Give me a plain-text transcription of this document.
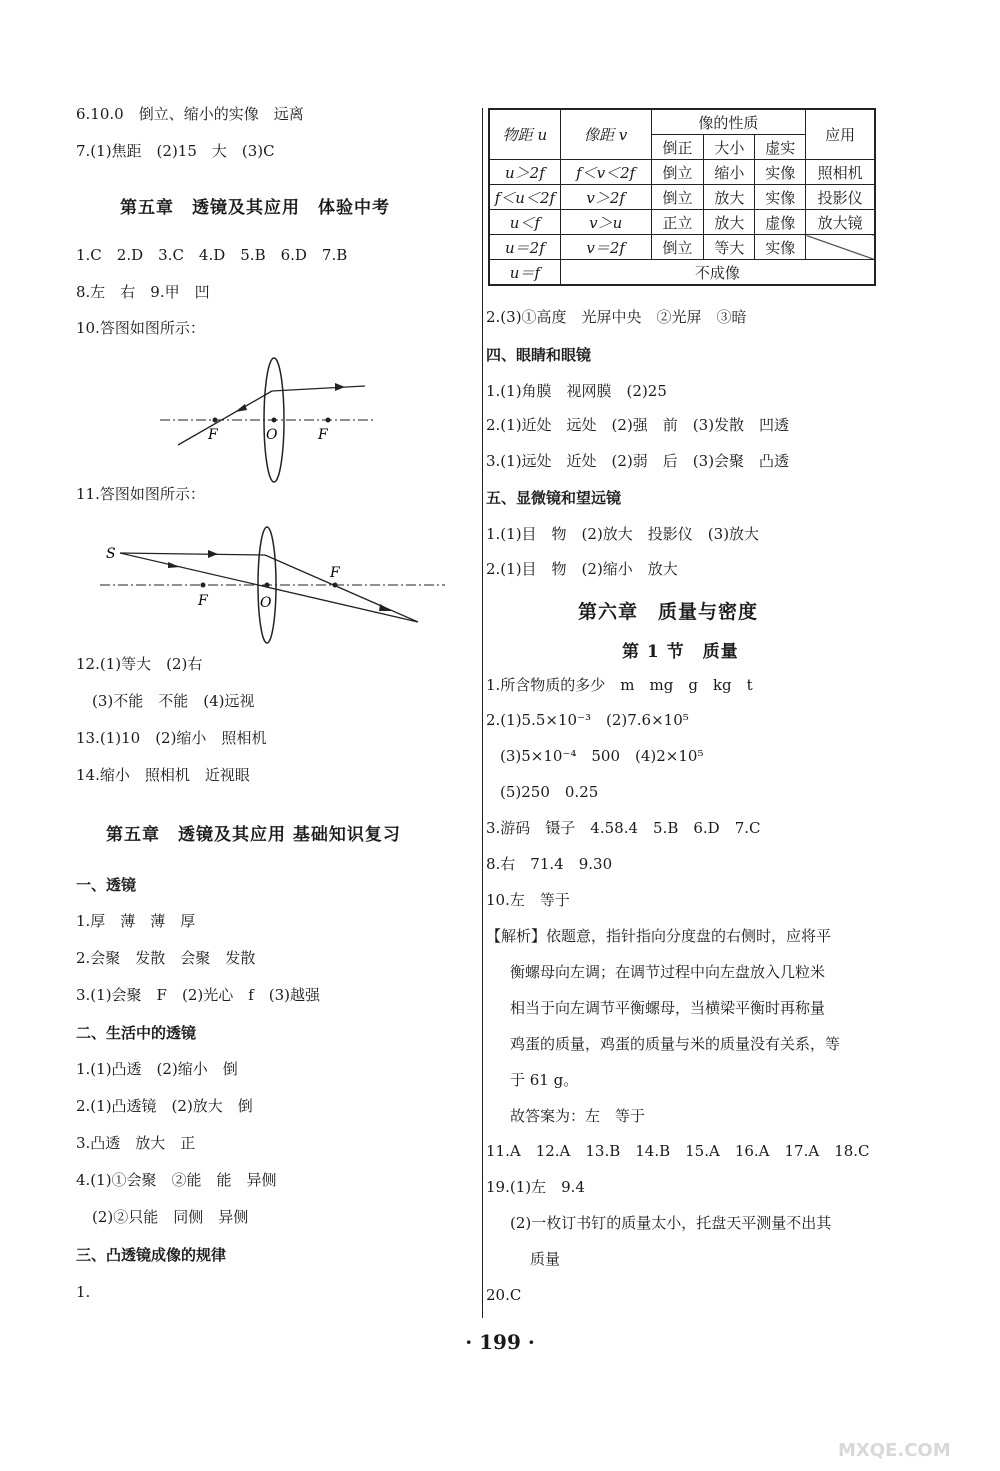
6.10.0　倒立、缩小的实像　远离
7.(1)焦距　(2)15　大　(3)C
第五章　透镜及其应用　体验中考
1.C　2.D　3.C　4.D　5.B　6.D　7.B
8.左　右　9.甲　凹
10.答图如图所示：
F	O	F
11.答图如图所示：
S
F	O
F
12.(1)等大　(2)右
(3)不能　不能　(4)远视
13.(1)10　(2)缩小　照相机
14.缩小　照相机　近视眼
第五章　透镜及其应用 基础知识复习
一、透镜
1.厚　薄　薄　厚
2.会聚　发散　会聚　发散
3.(1)会聚　F　(2)光心　f　(3)越强
二、生活中的透镜
1.(1)凸透　(2)缩小　倒
2.(1)凸透镜　(2)放大　倒
3.凸透　放大　正
4.(1)①会聚　②能　能　异侧
(2)②只能　同侧　异侧
三、凸透镜成像的规律
1.
物距 u	像距 v	像的性质			应用
		倒正	大小	虚实	
u＞2f	f＜v＜2f	倒立	缩小	实像	照相机
f＜u＜2f	v＞2f	倒立	放大	实像	投影仪
u＜f	v＞u	正立	放大	虚像	放大镜
u＝2f	v＝2f	倒立	等大	实像	
u＝f	不成像				
2.(3)①高度　光屏中央　②光屏　③暗
四、眼睛和眼镜
1.(1)角膜　视网膜　(2)25
2.(1)近处　远处　(2)强　前　(3)发散　凹透
3.(1)远处　近处　(2)弱　后　(3)会聚　凸透
五、显微镜和望远镜
1.(1)目　物　(2)放大　投影仪　(3)放大
2.(1)目　物　(2)缩小　放大
第六章　质量与密度
第 1 节　质量
1.所含物质的多少　m　mg　g　kg　t
2.(1)5.5×10⁻³　(2)7.6×10⁵
(3)5×10⁻⁴　500　(4)2×10⁵
(5)250　0.25
3.游码　镊子　4.58.4　5.B　6.D　7.C
8.右　71.4　9.30
10.左　等于
【解析】依题意，指针指向分度盘的右侧时，应将平
衡螺母向左调；在调节过程中向左盘放入几粒米
相当于向左调节平衡螺母，当横梁平衡时再称量
鸡蛋的质量，鸡蛋的质量与米的质量没有关系，等
于 61 g。
故答案为：左　等于
11.A　12.A　13.B　14.B　15.A　16.A　17.A　18.C
19.(1)左　9.4
(2)一枚订书钉的质量太小，托盘天平测量不出其
质量
20.C
· 199 ·
MXQE.COM
